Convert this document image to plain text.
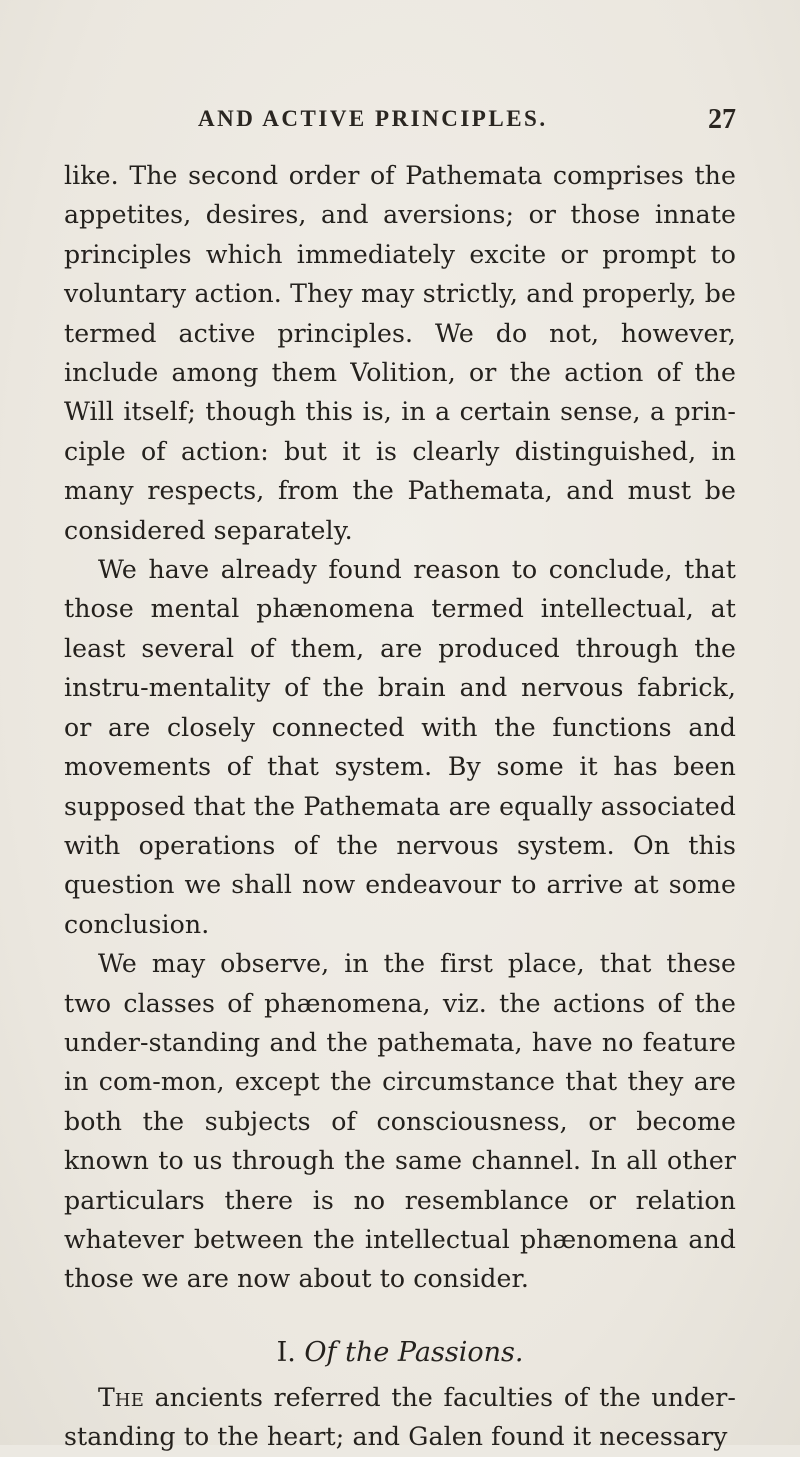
AND ACTIVE PRINCIPLES.	27

like. The second order of Pathemata comprises the appetites, desires, and aversions; or those innate principles which immediately excite or prompt to voluntary action. They may strictly, and properly, be termed active principles. We do not, however, include among them Volition, or the action of the Will itself; though this is, in a certain sense, a prin-ciple of action: but it is clearly distinguished, in many respects, from the Pathemata, and must be considered separately.

We have already found reason to conclude, that those mental phænomena termed intellectual, at least several of them, are produced through the instru-mentality of the brain and nervous fabrick, or are closely connected with the functions and movements of that system. By some it has been supposed that the Pathemata are equally associated with operations of the nervous system. On this question we shall now endeavour to arrive at some conclusion.

We may observe, in the first place, that these two classes of phænomena, viz. the actions of the under-standing and the pathemata, have no feature in com-mon, except the circumstance that they are both the subjects of consciousness, or become known to us through the same channel. In all other particulars there is no resemblance or relation whatever between the intellectual phænomena and those we are now about to consider.

I. Of the Passions.

The ancients referred the faculties of the under-standing to the heart; and Galen found it necessary
